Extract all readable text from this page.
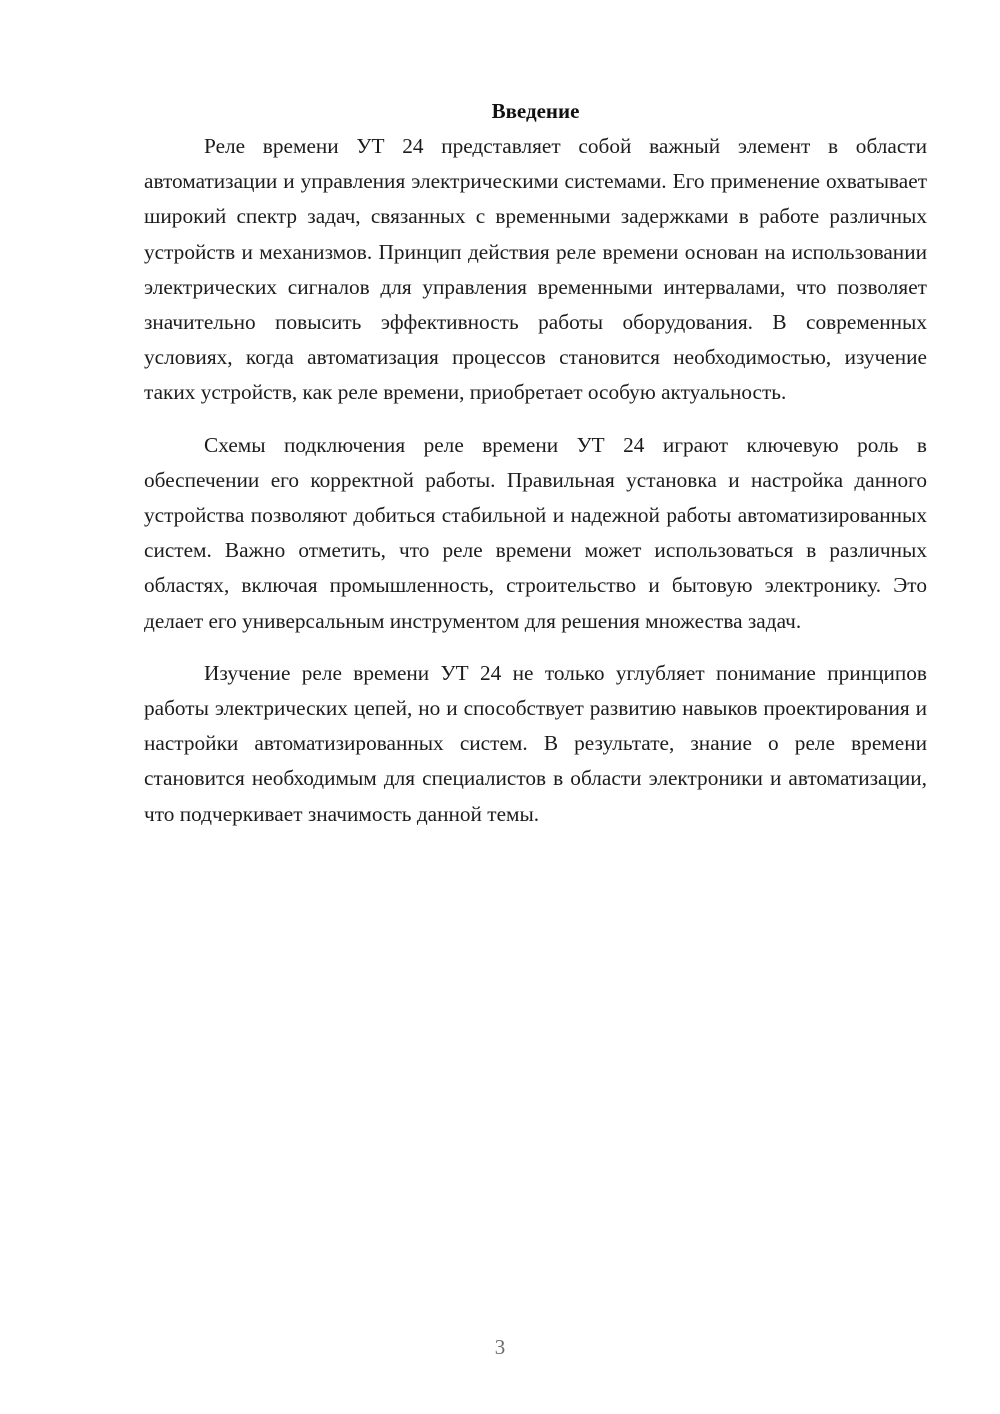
Введение

Реле времени УТ 24 представляет собой важный элемент в области автоматизации и управления электрическими системами. Его применение охватывает широкий спектр задач, связанных с временными задержками в работе различных устройств и механизмов. Принцип действия реле времени основан на использовании электрических сигналов для управления временными интервалами, что позволяет значительно повысить эффективность работы оборудования. В современных условиях, когда автоматизация процессов становится необходимостью, изучение таких устройств, как реле времени, приобретает особую актуальность.

Схемы подключения реле времени УТ 24 играют ключевую роль в обеспечении его корректной работы. Правильная установка и настройка данного устройства позволяют добиться стабильной и надежной работы автоматизированных систем. Важно отметить, что реле времени может использоваться в различных областях, включая промышленность, строительство и бытовую электронику. Это делает его универсальным инструментом для решения множества задач.

Изучение реле времени УТ 24 не только углубляет понимание принципов работы электрических цепей, но и способствует развитию навыков проектирования и настройки автоматизированных систем. В результате, знание о реле времени становится необходимым для специалистов в области электроники и автоматизации, что подчеркивает значимость данной темы.

3
